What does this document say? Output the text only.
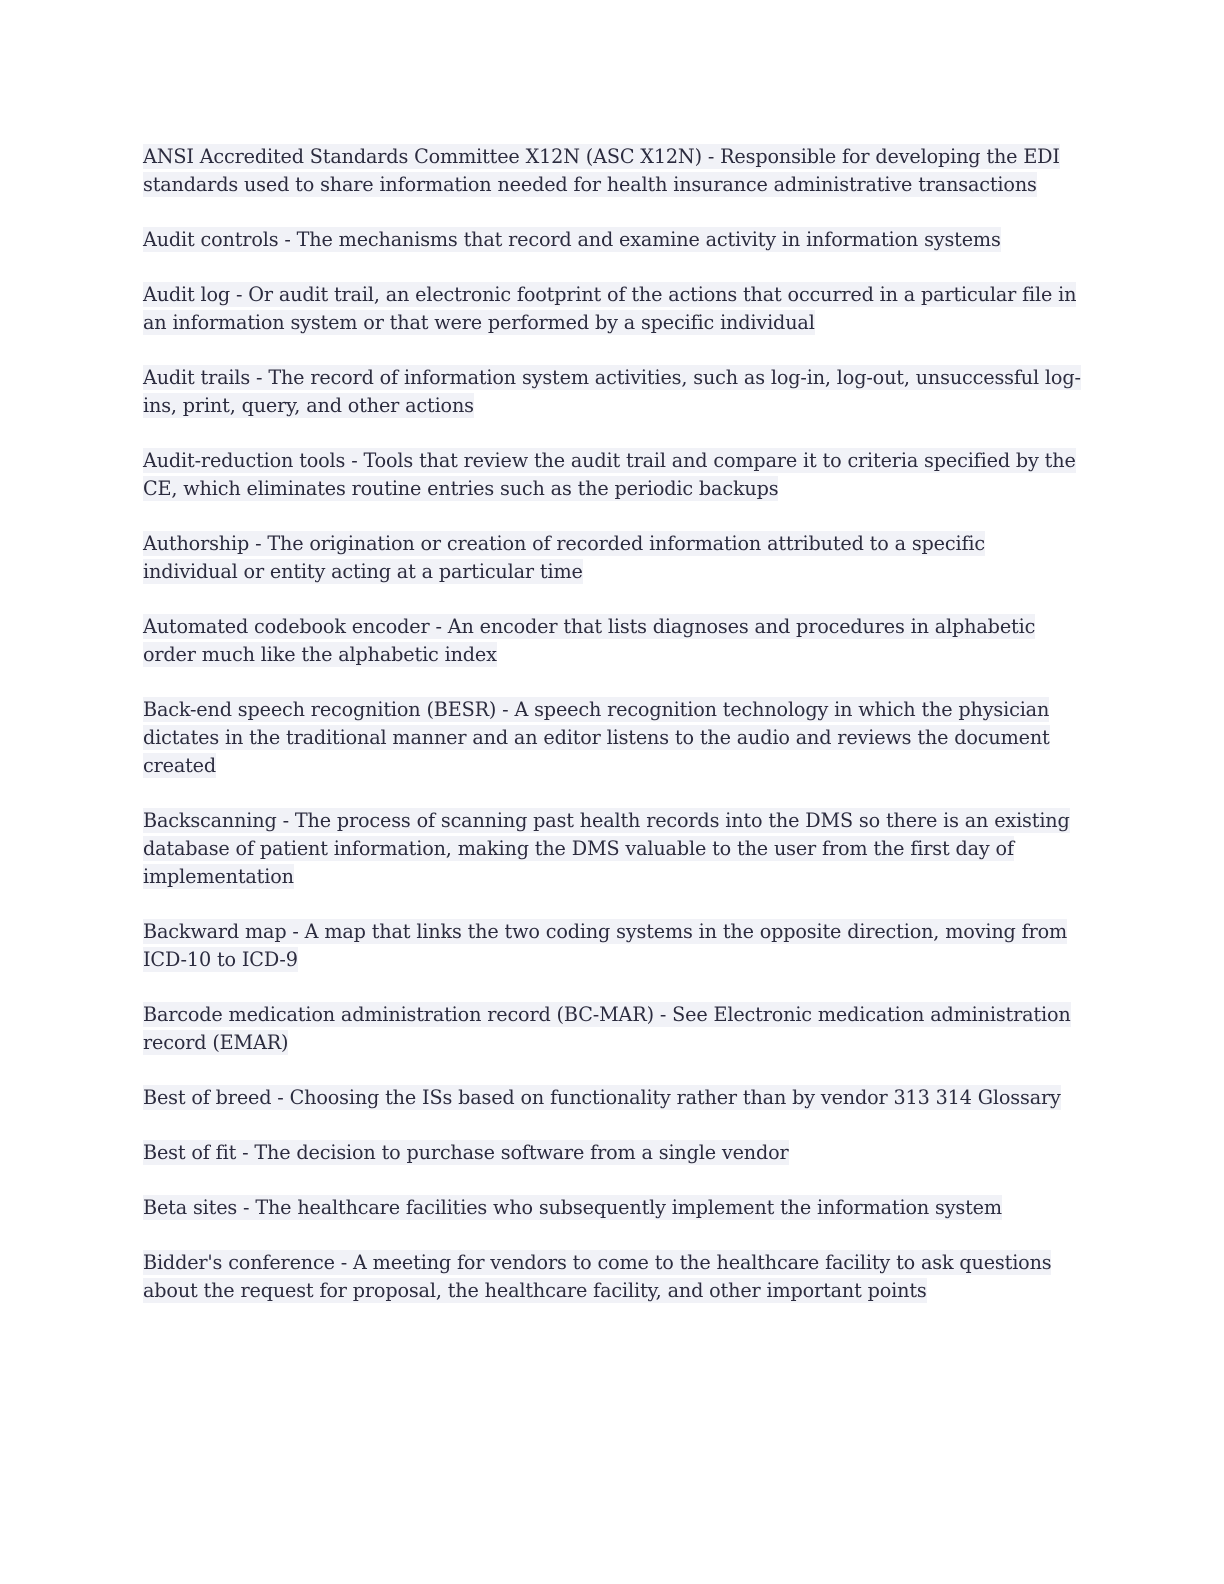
ANSI Accredited Standards Committee X12N (ASC X12N) - Responsible for developing the EDI standards used to share information needed for health insurance administrative transactions

Audit controls - The mechanisms that record and examine activity in information systems

Audit log - Or audit trail, an electronic footprint of the actions that occurred in a particular file in an information system or that were performed by a specific individual

Audit trails - The record of information system activities, such as log-in, log-out, unsuccessful log-ins, print, query, and other actions

Audit-reduction tools - Tools that review the audit trail and compare it to criteria specified by the CE, which eliminates routine entries such as the periodic backups

Authorship - The origination or creation of recorded information attributed to a specific individual or entity acting at a particular time

Automated codebook encoder - An encoder that lists diagnoses and procedures in alphabetic order much like the alphabetic index

Back-end speech recognition (BESR) - A speech recognition technology in which the physician dictates in the traditional manner and an editor listens to the audio and reviews the document created

Backscanning - The process of scanning past health records into the DMS so there is an existing database of patient information, making the DMS valuable to the user from the first day of implementation

Backward map - A map that links the two coding systems in the opposite direction, moving from ICD-10 to ICD-9

Barcode medication administration record (BC-MAR) - See Electronic medication administration record (EMAR)

Best of breed - Choosing the ISs based on functionality rather than by vendor 313 314 Glossary

Best of fit - The decision to purchase software from a single vendor

Beta sites - The healthcare facilities who subsequently implement the information system

Bidder's conference - A meeting for vendors to come to the healthcare facility to ask questions about the request for proposal, the healthcare facility, and other important points
